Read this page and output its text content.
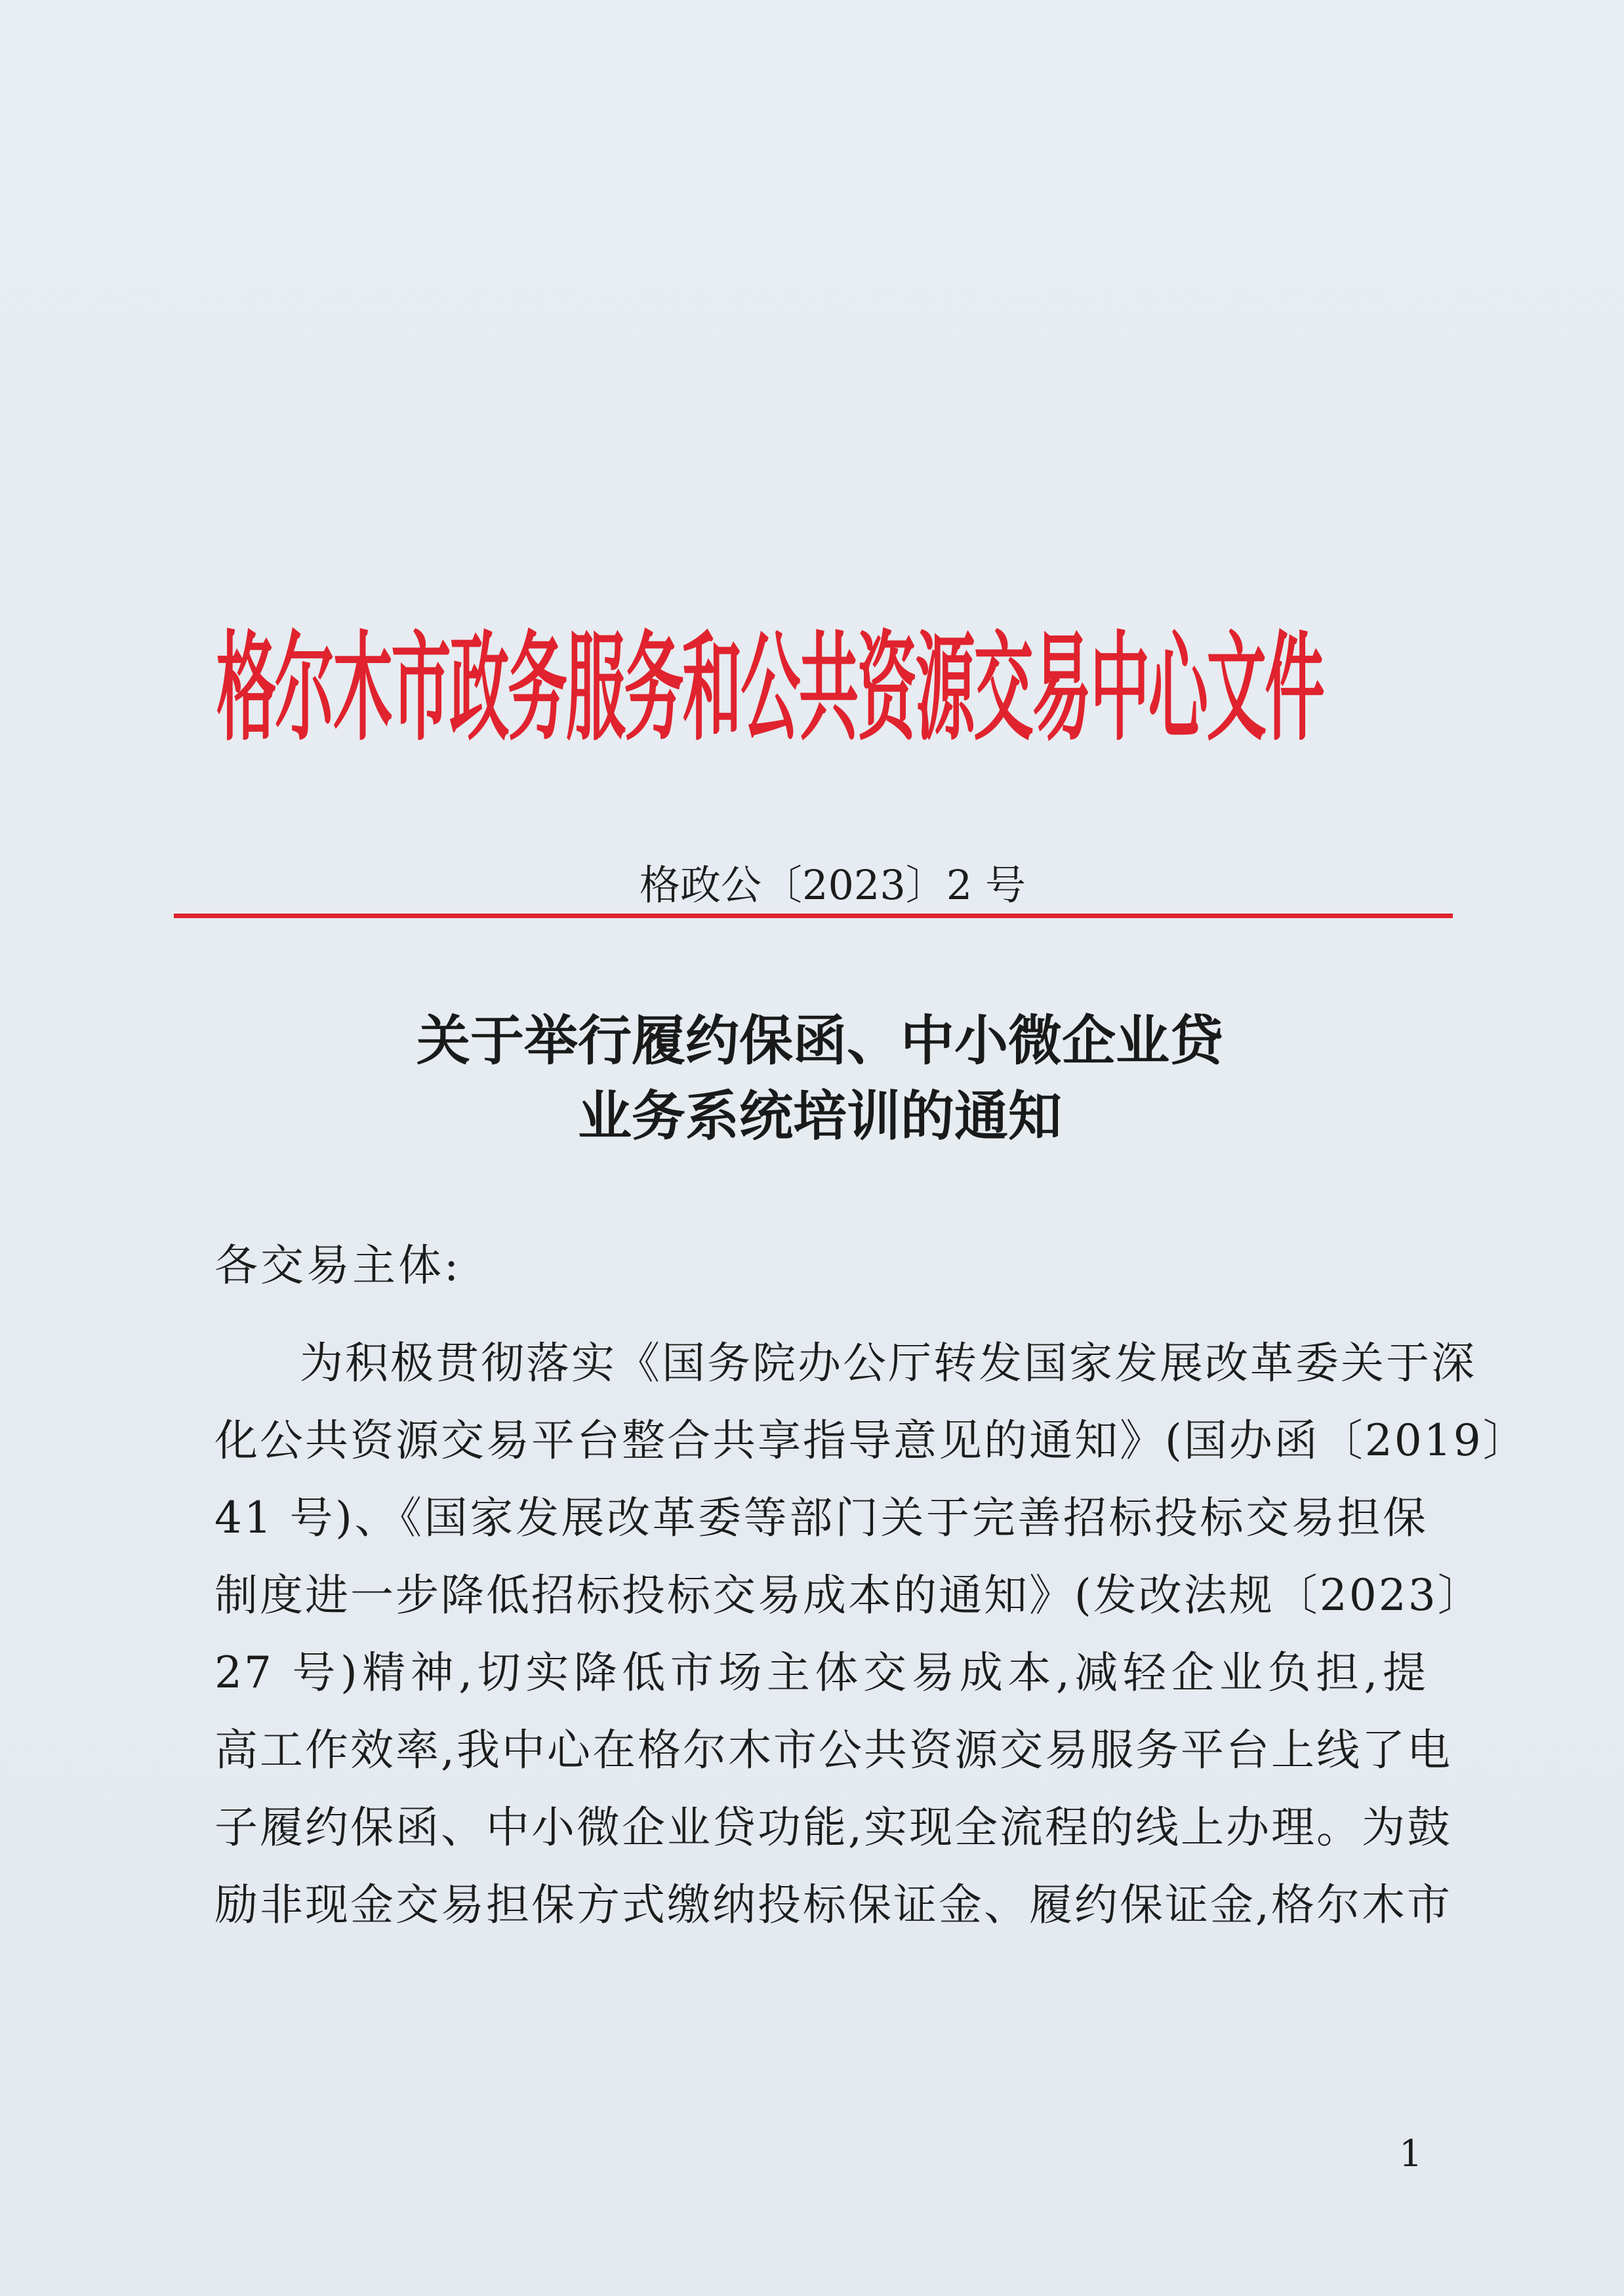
格尔木市政务服务和公共资源交易中心文件
格政公〔2023〕2 号
关于举行履约保函、中小微企业贷
业务系统培训的通知
各交易主体:
为积极贯彻落实《国务院办公厅转发国家发展改革委关于深
化公共资源交易平台整合共享指导意见的通知》(国办函〔2019〕
41 号)、《国家发展改革委等部门关于完善招标投标交易担保
制度进一步降低招标投标交易成本的通知》(发改法规〔2023〕
27 号)精神,切实降低市场主体交易成本,减轻企业负担,提
高工作效率,我中心在格尔木市公共资源交易服务平台上线了电
子履约保函、中小微企业贷功能,实现全流程的线上办理。为鼓
励非现金交易担保方式缴纳投标保证金、履约保证金,格尔木市
1
